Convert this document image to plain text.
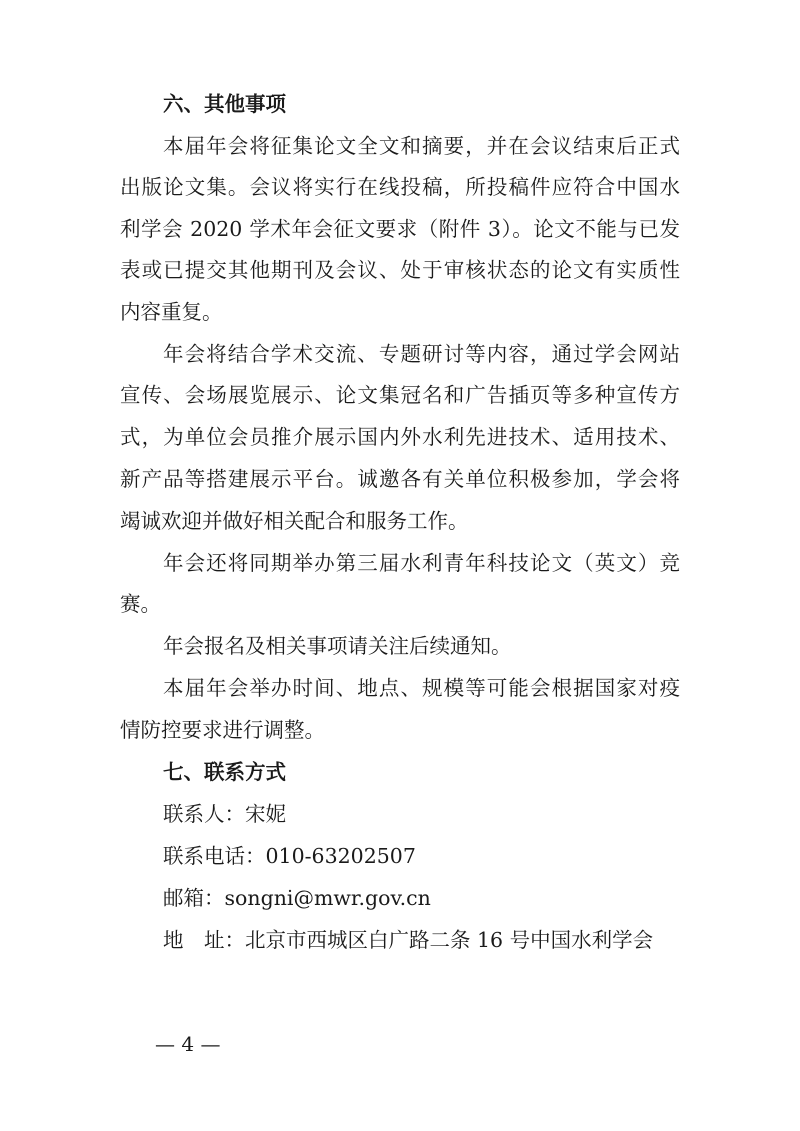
六、其他事项
本届年会将征集论文全文和摘要，并在会议结束后正式
出版论文集。会议将实行在线投稿，所投稿件应符合中国水
利学会 2020 学术年会征文要求（附件 3）。论文不能与已发
表或已提交其他期刊及会议、处于审核状态的论文有实质性
内容重复。
年会将结合学术交流、专题研讨等内容，通过学会网站
宣传、会场展览展示、论文集冠名和广告插页等多种宣传方
式，为单位会员推介展示国内外水利先进技术、适用技术、
新产品等搭建展示平台。诚邀各有关单位积极参加，学会将
竭诚欢迎并做好相关配合和服务工作。
年会还将同期举办第三届水利青年科技论文（英文）竞
赛。
年会报名及相关事项请关注后续通知。
本届年会举办时间、地点、规模等可能会根据国家对疫
情防控要求进行调整。
七、联系方式
联系人：宋妮
联系电话：010-63202507
邮箱：songni@mwr.gov.cn
地　址：北京市西城区白广路二条 16 号中国水利学会
— 4 —
